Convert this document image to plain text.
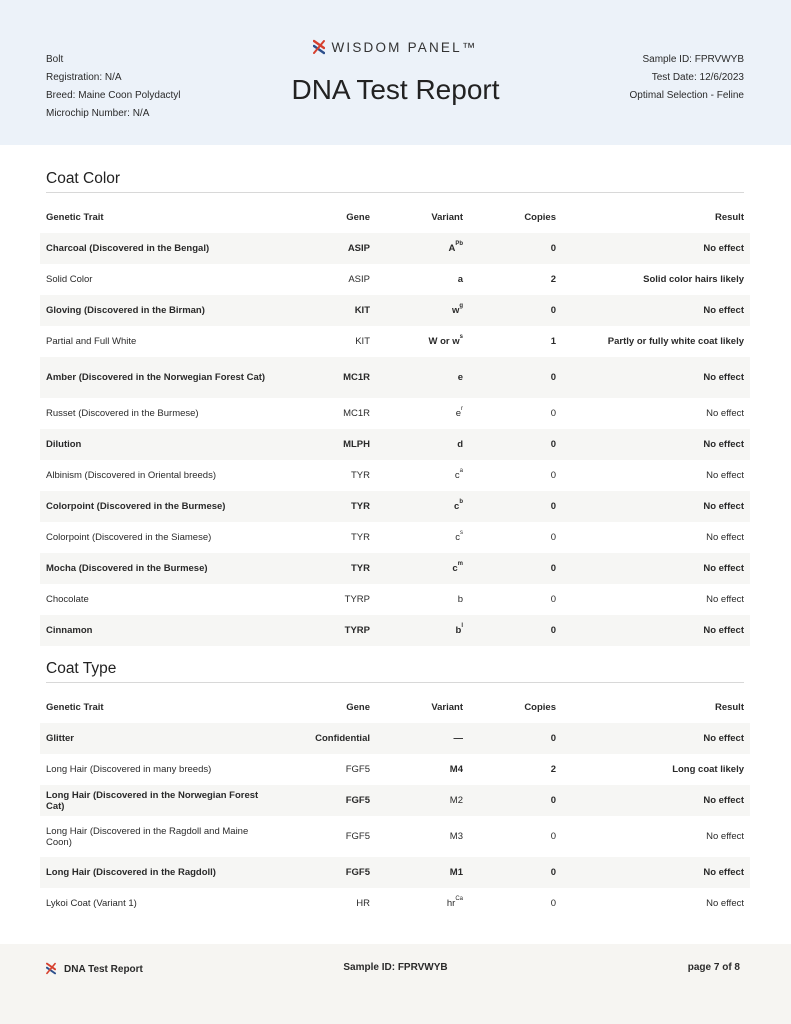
Bolt
Registration: N/A
Breed: Maine Coon Polydactyl
Microchip Number: N/A
WISDOM PANEL™
DNA Test Report
Sample ID: FPRVWYB
Test Date: 12/6/2023
Optimal Selection - Feline
Coat Color
Genetic Trait	Gene	Variant	Copies	Result
Charcoal (Discovered in the Bengal)	ASIP	$A^{Pb}$	0	No effect
Solid Color	ASIP	a	2	Solid color hairs likely
Gloving (Discovered in the Birman)	KIT	$w^g$	0	No effect
Partial and Full White	KIT	W or $w^s$	1	Partly or fully white coat likely
Amber (Discovered in the Norwegian Forest Cat)	MC1R	e	0	No effect
Russet (Discovered in the Burmese)	MC1R	$e^r$	0	No effect
Dilution	MLPH	d	0	No effect
Albinism (Discovered in Oriental breeds)	TYR	$c^a$	0	No effect
Colorpoint (Discovered in the Burmese)	TYR	$c^b$	0	No effect
Colorpoint (Discovered in the Siamese)	TYR	$c^s$	0	No effect
Mocha (Discovered in the Burmese)	TYR	$c^m$	0	No effect
Chocolate	TYRP	b	0	No effect
Cinnamon	TYRP	$b^l$	0	No effect
Coat Type
Genetic Trait	Gene	Variant	Copies	Result
Glitter	Confidential	—	0	No effect
Long Hair (Discovered in many breeds)	FGF5	M4	2	Long coat likely
Long Hair (Discovered in the Norwegian Forest Cat)	FGF5	M2	0	No effect
Long Hair (Discovered in the Ragdoll and Maine Coon)	FGF5	M3	0	No effect
Long Hair (Discovered in the Ragdoll)	FGF5	M1	0	No effect
Lykoi Coat (Variant 1)	HR	$hr^{Ca}$	0	No effect
DNA Test Report	Sample ID: FPRVWYB	page 7 of 8
